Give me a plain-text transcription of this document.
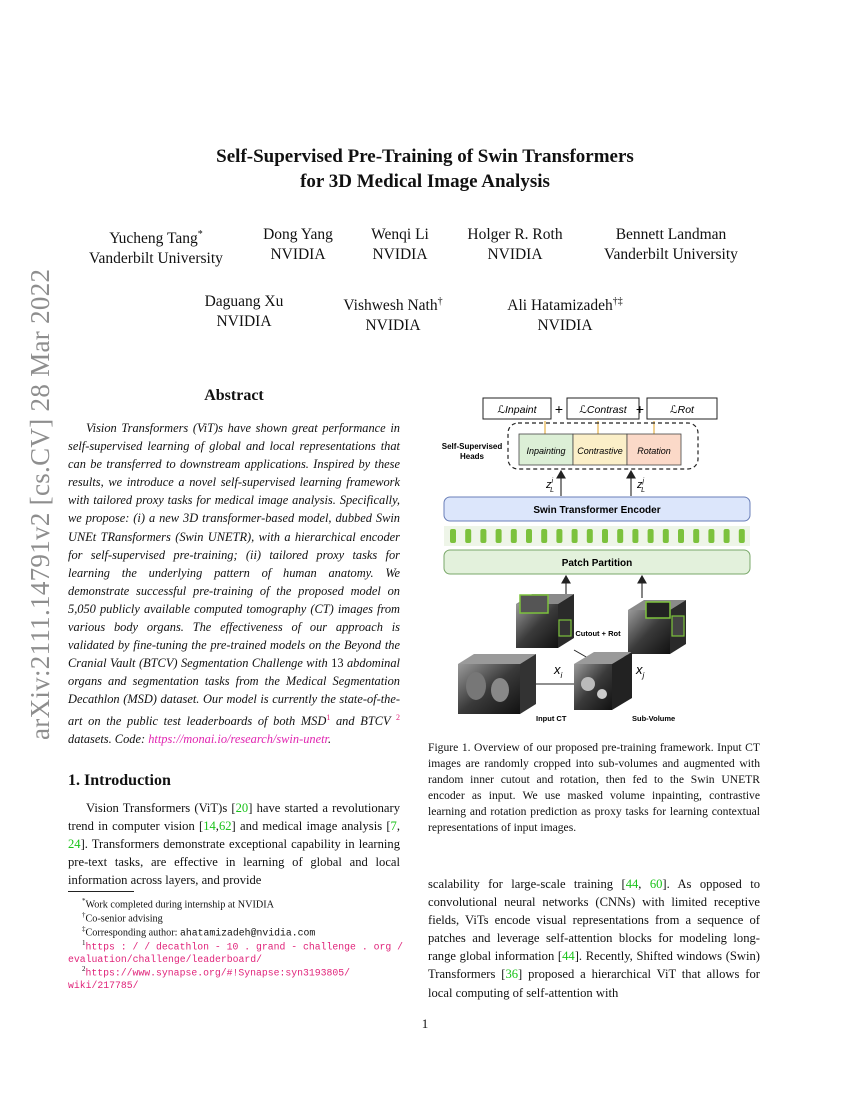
arXiv:2111.14791v2 [cs.CV] 28 Mar 2022
Self-Supervised Pre-Training of Swin Transformers
for 3D Medical Image Analysis
Yucheng Tang*
Vanderbilt University
Dong Yang
NVIDIA
Wenqi Li
NVIDIA
Holger R. Roth
NVIDIA
Bennett Landman
Vanderbilt University
Daguang Xu
NVIDIA
Vishwesh Nath†
NVIDIA
Ali Hatamizadeh†‡
NVIDIA
Abstract
Vision Transformers (ViT)s have shown great performance in self-supervised learning of global and local representations that can be transferred to downstream applications. Inspired by these results, we introduce a novel self-supervised learning framework with tailored proxy tasks for medical image analysis. Specifically, we propose: (i) a new 3D transformer-based model, dubbed Swin UNEt TRansformers (Swin UNETR), with a hierarchical encoder for self-supervised pre-training; (ii) tailored proxy tasks for learning the underlying pattern of human anatomy. We demonstrate successful pre-training of the proposed model on 5,050 publicly available computed tomography (CT) images from various body organs. The effectiveness of our approach is validated by fine-tuning the pre-trained models on the Beyond the Cranial Vault (BTCV) Segmentation Challenge with 13 abdominal organs and segmentation tasks from the Medical Segmentation Decathlon (MSD) dataset. Our model is currently the state-of-the-art on the public test leaderboards of both MSD$^1$ and BTCV $^2$ datasets. Code: https://monai.io/research/swin-unetr.
1. Introduction
Vision Transformers (ViT)s [20] have started a revolutionary trend in computer vision [14,62] and medical image analysis [7, 24]. Transformers demonstrate exceptional capability in learning pre-text tasks, are effective in learning of global and local information across layers, and provide
*Work completed during internship at NVIDIA
†Co-senior advising
‡Corresponding author: ahatamizadeh@nvidia.com
$^1$https : / / decathlon - 10 . grand - challenge . org /
evaluation/challenge/leaderboard/
$^2$https://www.synapse.org/#!Synapse:syn3193805/
wiki/217785/
ℒInpaint + ℒContrast + ℒRot
Self-Supervised
Heads
Inpainting Contrastive Rotation
$z^i$ L	$z^j$ L
Swin Transformer Encoder
Patch Partition
Cutout + Rot
$x_i$	$x_j$
Input CT	Sub-Volume
Figure 1. Overview of our proposed pre-training framework. Input CT images are randomly cropped into sub-volumes and augmented with random inner cutout and rotation, then fed to the Swin UNETR encoder as input. We use masked volume inpainting, contrastive learning and rotation prediction as proxy tasks for learning contextual representations of input images.
scalability for large-scale training [44, 60]. As opposed to convolutional neural networks (CNNs) with limited receptive fields, ViTs encode visual representations from a sequence of patches and leverage self-attention blocks for modeling long-range global information [44]. Recently, Shifted windows (Swin) Transformers [36] proposed a hierarchical ViT that allows for local computing of self-attention with
1
